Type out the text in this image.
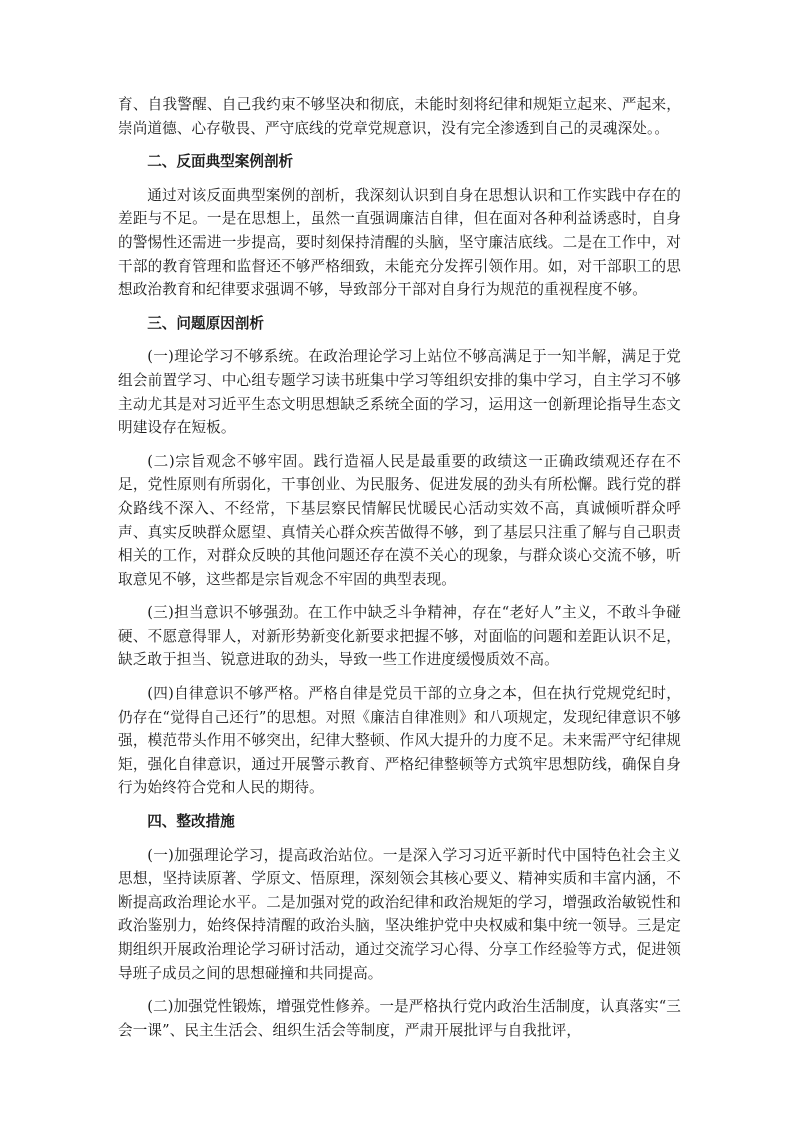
育、自我警醒、自己我约束不够坚决和彻底，未能时刻将纪律和规矩立起来、严起来，崇尚道德、心存敬畏、严守底线的党章党规意识，没有完全渗透到自己的灵魂深处。。

二、反面典型案例剖析

通过对该反面典型案例的剖析，我深刻认识到自身在思想认识和工作实践中存在的差距与不足。一是在思想上，虽然一直强调廉洁自律，但在面对各种利益诱惑时，自身的警惕性还需进一步提高，要时刻保持清醒的头脑，坚守廉洁底线。二是在工作中，对干部的教育管理和监督还不够严格细致，未能充分发挥引领作用。如，对干部职工的思想政治教育和纪律要求强调不够，导致部分干部对自身行为规范的重视程度不够。

三、问题原因剖析

(一)理论学习不够系统。在政治理论学习上站位不够高满足于一知半解，满足于党组会前置学习、中心组专题学习读书班集中学习等组织安排的集中学习，自主学习不够主动尤其是对习近平生态文明思想缺乏系统全面的学习，运用这一创新理论指导生态文明建设存在短板。

(二)宗旨观念不够牢固。践行造福人民是最重要的政绩这一正确政绩观还存在不足，党性原则有所弱化，干事创业、为民服务、促进发展的劲头有所松懈。践行党的群众路线不深入、不经常，下基层察民情解民忧暖民心活动实效不高，真诚倾听群众呼声、真实反映群众愿望、真情关心群众疾苦做得不够，到了基层只注重了解与自己职责相关的工作，对群众反映的其他问题还存在漠不关心的现象，与群众谈心交流不够，听取意见不够，这些都是宗旨观念不牢固的典型表现。

(三)担当意识不够强劲。在工作中缺乏斗争精神，存在“老好人”主义，不敢斗争碰硬、不愿意得罪人，对新形势新变化新要求把握不够，对面临的问题和差距认识不足，缺乏敢于担当、锐意进取的劲头，导致一些工作进度缓慢质效不高。

(四)自律意识不够严格。严格自律是党员干部的立身之本，但在执行党规党纪时，仍存在“觉得自己还行”的思想。对照《廉洁自律准则》和八项规定，发现纪律意识不够强，模范带头作用不够突出，纪律大整顿、作风大提升的力度不足。未来需严守纪律规矩，强化自律意识，通过开展警示教育、严格纪律整顿等方式筑牢思想防线，确保自身行为始终符合党和人民的期待。

四、整改措施

(一)加强理论学习，提高政治站位。一是深入学习习近平新时代中国特色社会主义思想，坚持读原著、学原文、悟原理，深刻领会其核心要义、精神实质和丰富内涵，不断提高政治理论水平。二是加强对党的政治纪律和政治规矩的学习，增强政治敏锐性和政治鉴别力，始终保持清醒的政治头脑，坚决维护党中央权威和集中统一领导。三是定期组织开展政治理论学习研讨活动，通过交流学习心得、分享工作经验等方式，促进领导班子成员之间的思想碰撞和共同提高。

(二)加强党性锻炼，增强党性修养。一是严格执行党内政治生活制度，认真落实“三会一课”、民主生活会、组织生活会等制度，严肃开展批评与自我批评，
